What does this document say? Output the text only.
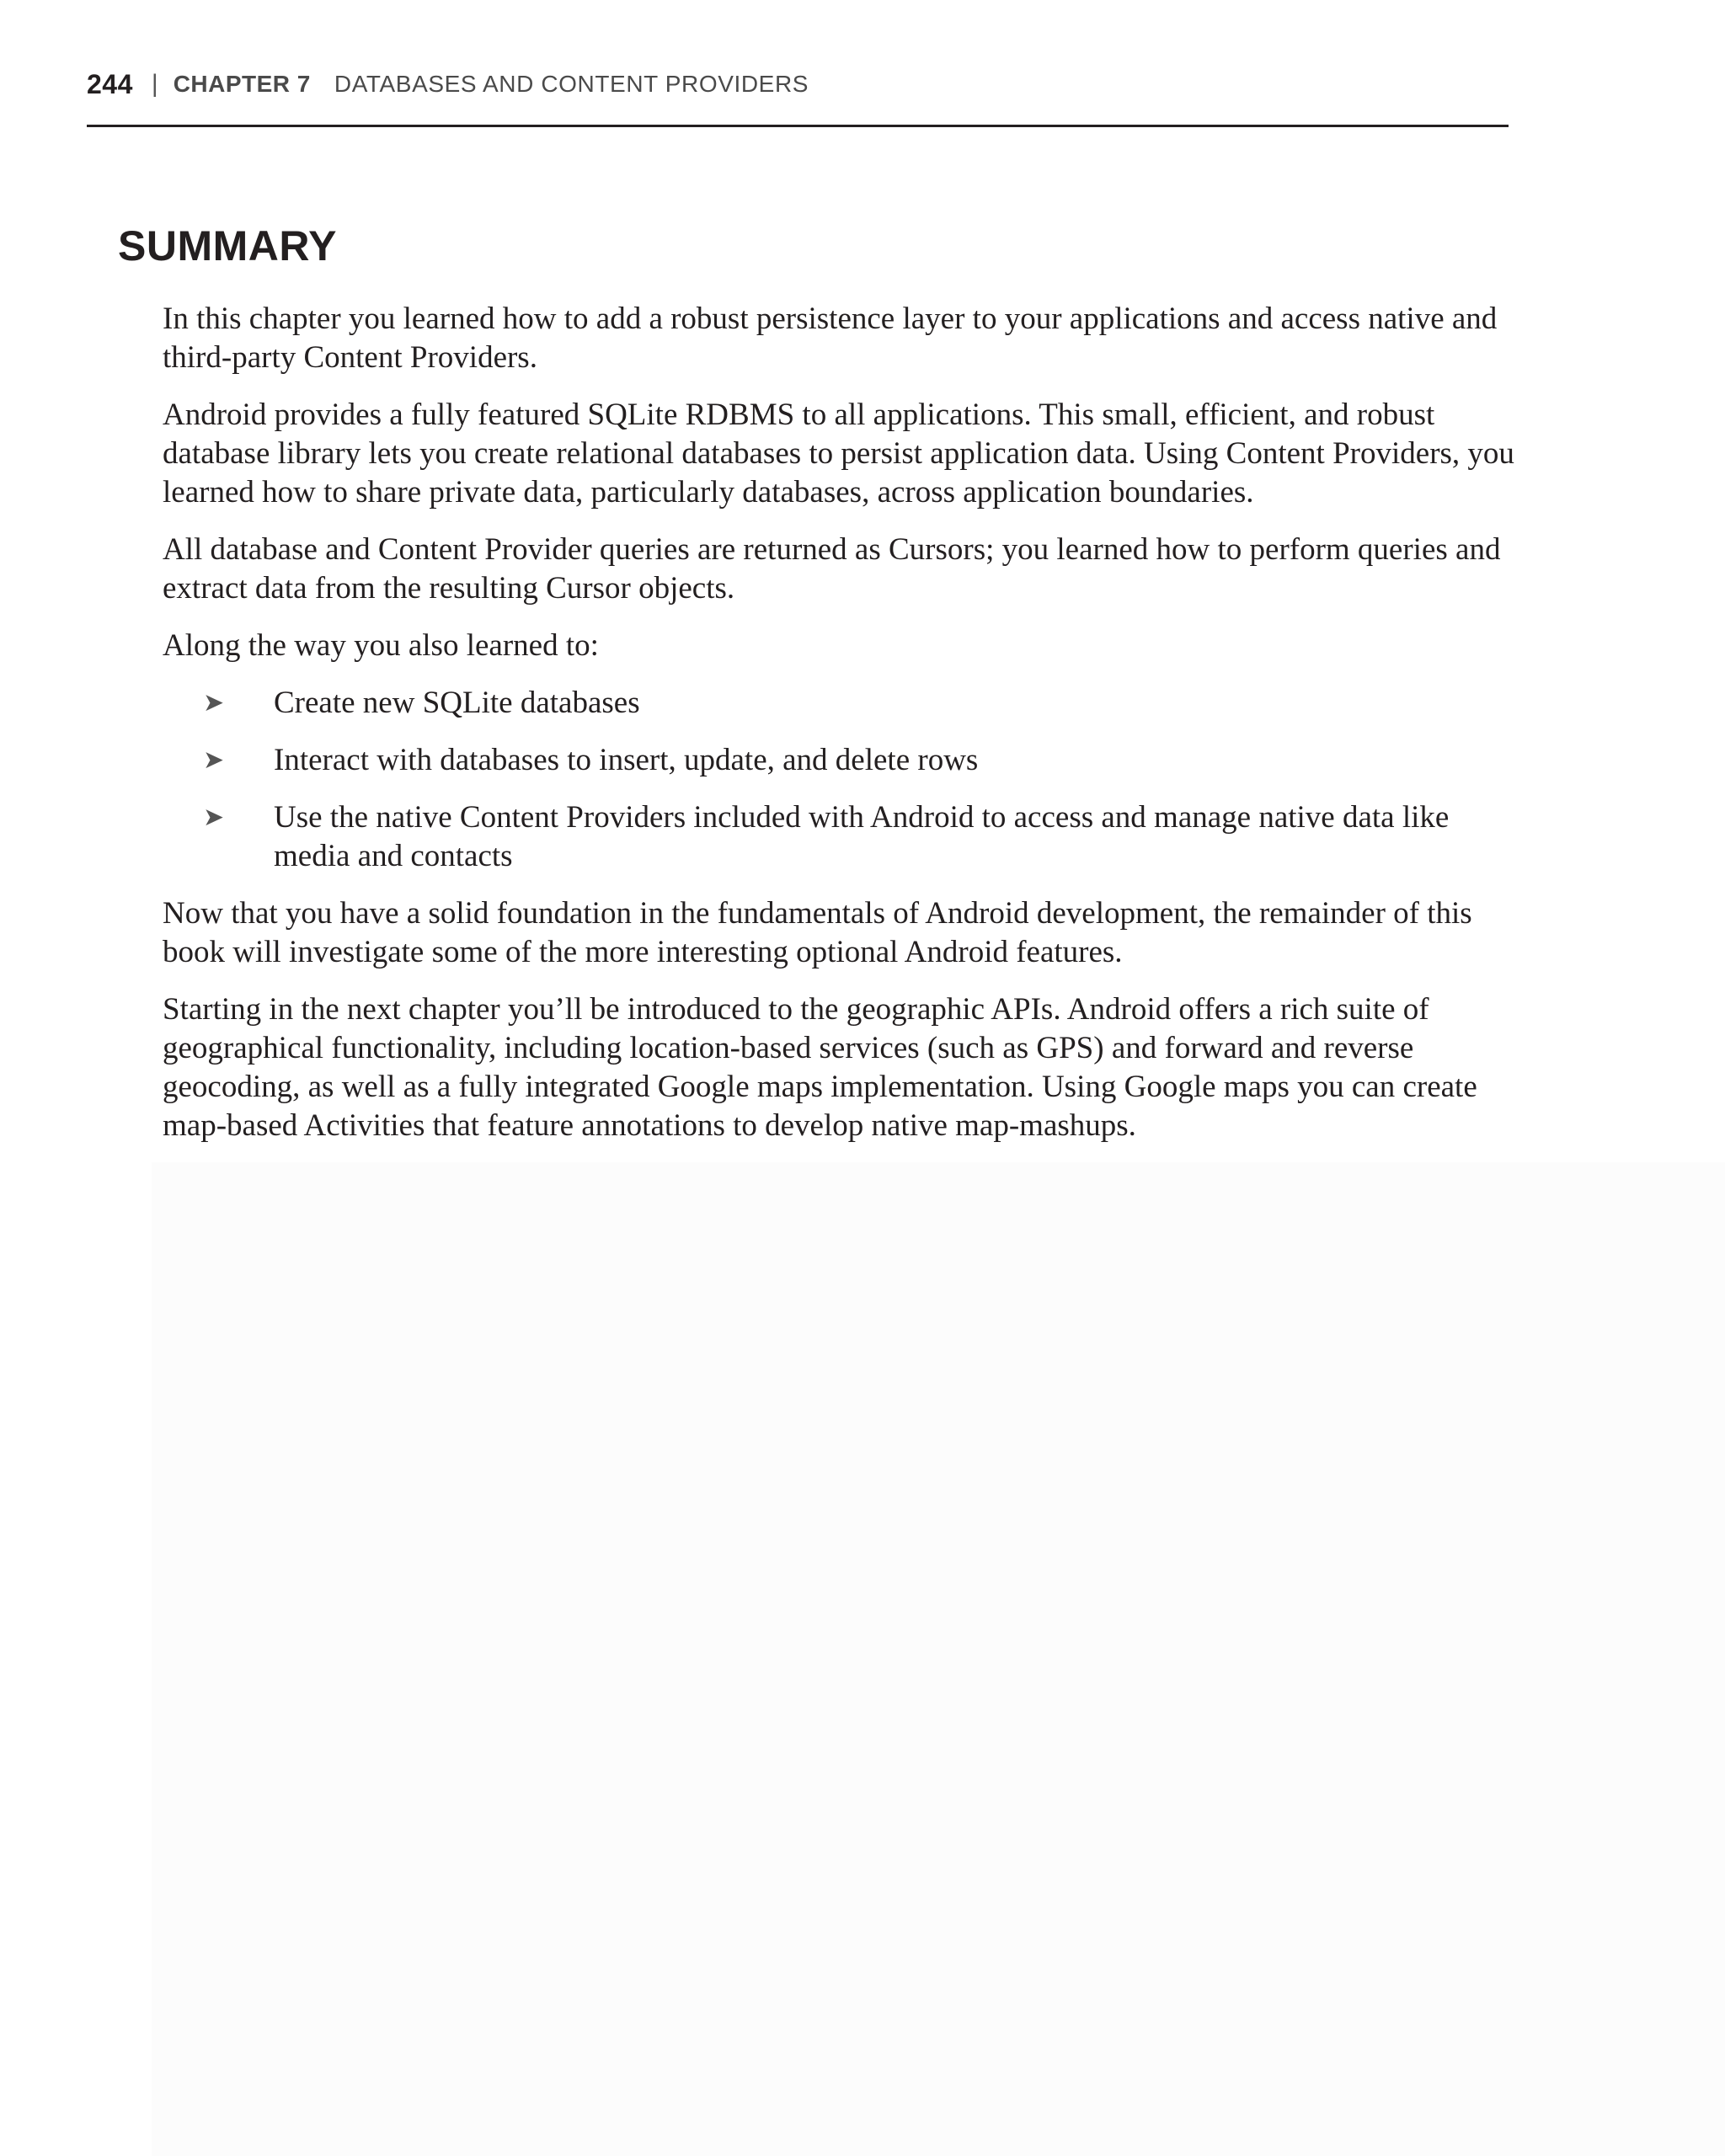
244 | CHAPTER 7 DATABASES AND CONTENT PROVIDERS
SUMMARY

In this chapter you learned how to add a robust persistence layer to your applications and access native and third-party Content Providers.

Android provides a fully featured SQLite RDBMS to all applications. This small, efficient, and robust database library lets you create relational databases to persist application data. Using Content Providers, you learned how to share private data, particularly databases, across application boundaries.

All database and Content Provider queries are returned as Cursors; you learned how to perform queries and extract data from the resulting Cursor objects.

Along the way you also learned to:

➤	Create new SQLite databases
➤	Interact with databases to insert, update, and delete rows
➤	Use the native Content Providers included with Android to access and manage native data like media and contacts

Now that you have a solid foundation in the fundamentals of Android development, the remainder of this book will investigate some of the more interesting optional Android features.

Starting in the next chapter you’ll be introduced to the geographic APIs. Android offers a rich suite of geographical functionality, including location-based services (such as GPS) and forward and reverse geocoding, as well as a fully integrated Google maps implementation. Using Google maps you can create map-based Activities that feature annotations to develop native map-mashups.
